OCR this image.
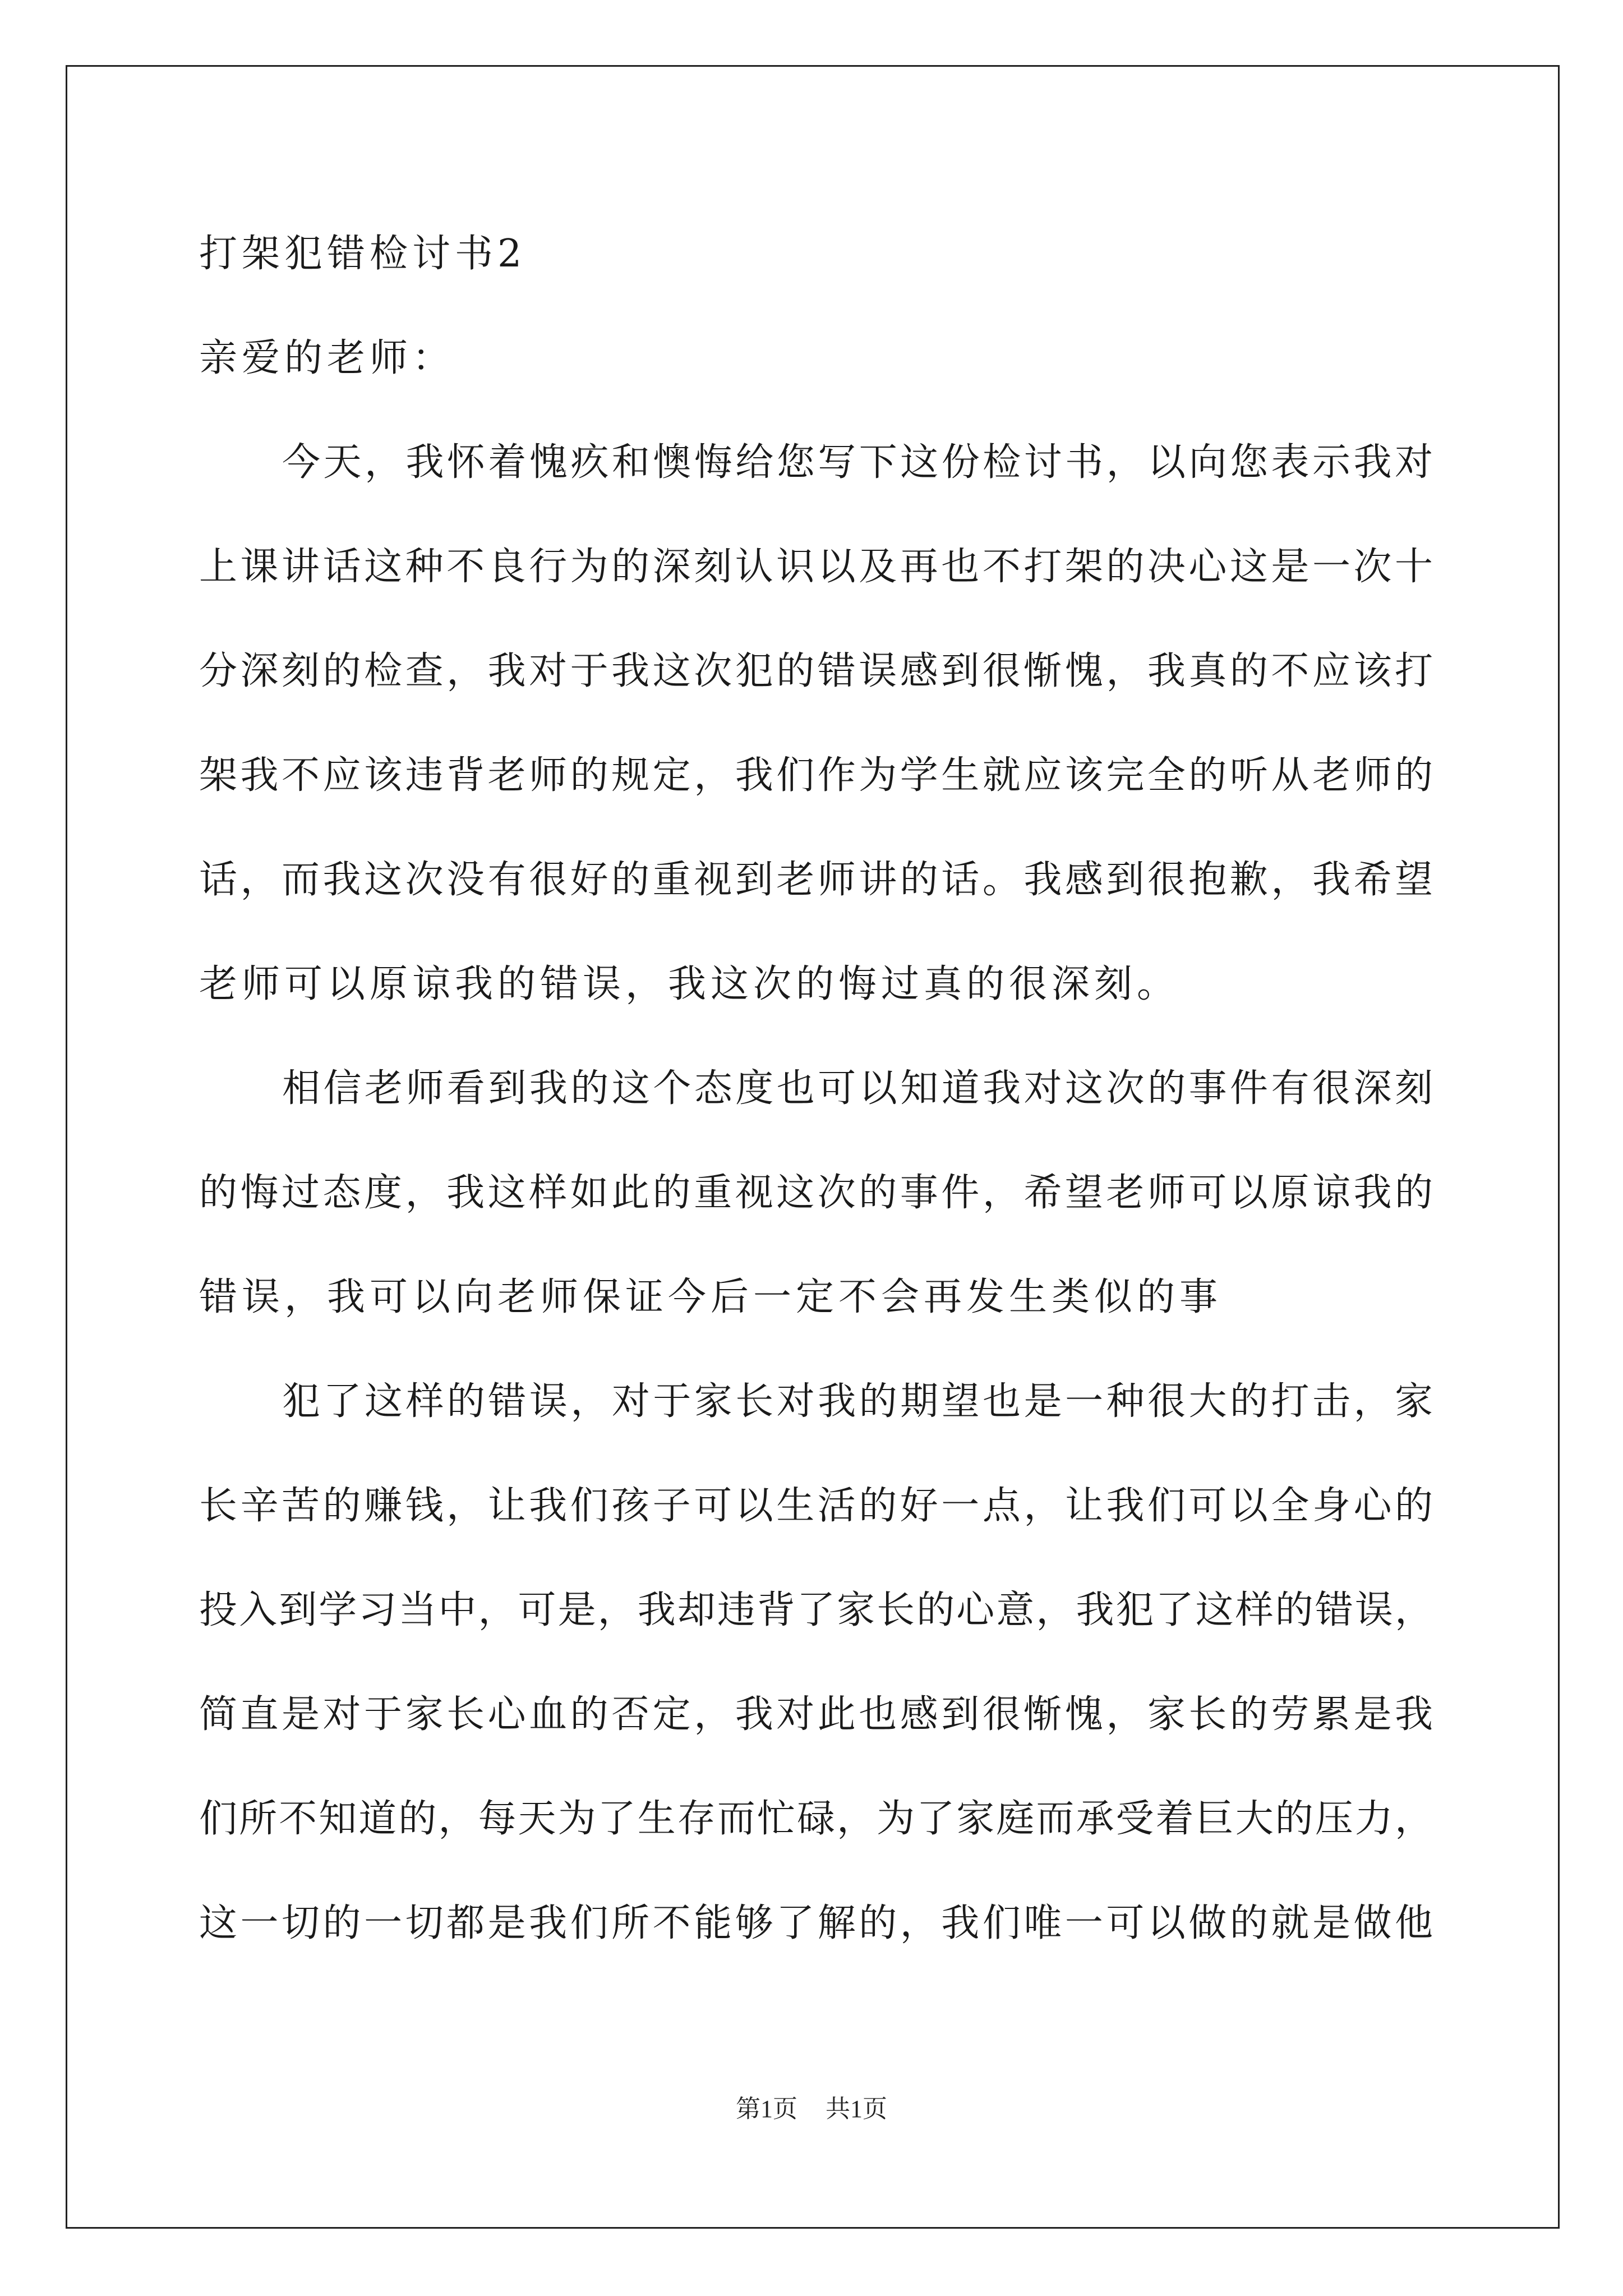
打架犯错检讨书2
亲爱的老师：
今天，我怀着愧疚和懊悔给您写下这份检讨书，以向您表示我对
上课讲话这种不良行为的深刻认识以及再也不打架的决心这是一次十
分深刻的检查，我对于我这次犯的错误感到很惭愧，我真的不应该打
架我不应该违背老师的规定，我们作为学生就应该完全的听从老师的
话，而我这次没有很好的重视到老师讲的话。我感到很抱歉，我希望
老师可以原谅我的错误，我这次的悔过真的很深刻。
相信老师看到我的这个态度也可以知道我对这次的事件有很深刻
的悔过态度，我这样如此的重视这次的事件，希望老师可以原谅我的
错误，我可以向老师保证今后一定不会再发生类似的事
犯了这样的错误，对于家长对我的期望也是一种很大的打击，家
长辛苦的赚钱，让我们孩子可以生活的好一点，让我们可以全身心的
投入到学习当中，可是，我却违背了家长的心意，我犯了这样的错误，
简直是对于家长心血的否定，我对此也感到很惭愧，家长的劳累是我
们所不知道的，每天为了生存而忙碌，为了家庭而承受着巨大的压力，
这一切的一切都是我们所不能够了解的，我们唯一可以做的就是做他
第1页 共1页
